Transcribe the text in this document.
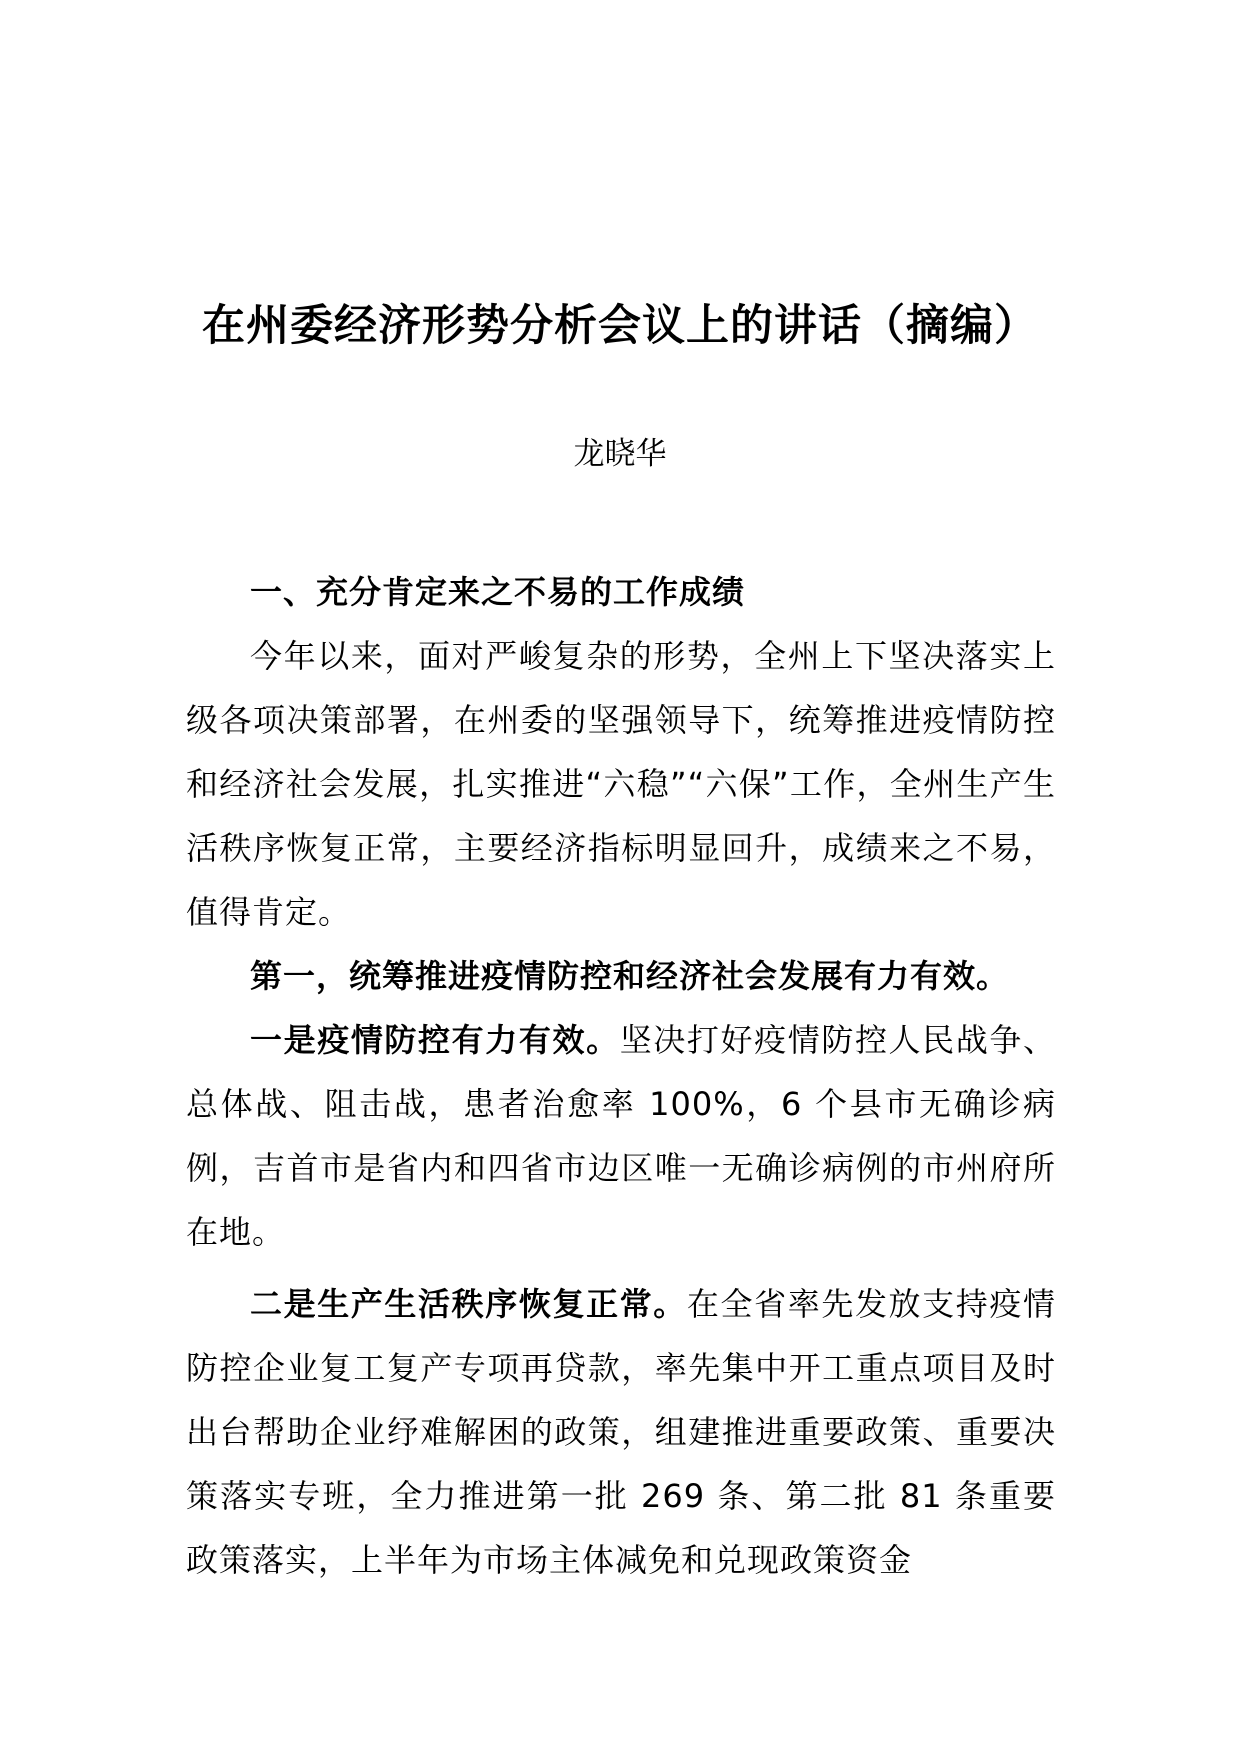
在州委经济形势分析会议上的讲话（摘编）
龙晓华

一、充分肯定来之不易的工作成绩

今年以来，面对严峻复杂的形势，全州上下坚决落实上级各项决策部署，在州委的坚强领导下，统筹推进疫情防控和经济社会发展，扎实推进“六稳”“六保”工作，全州生产生活秩序恢复正常，主要经济指标明显回升，成绩来之不易，值得肯定。

第一，统筹推进疫情防控和经济社会发展有力有效。

一是疫情防控有力有效。坚决打好疫情防控人民战争、总体战、阻击战，患者治愈率 100%，6 个县市无确诊病例，吉首市是省内和四省市边区唯一无确诊病例的市州府所在地。

二是生产生活秩序恢复正常。在全省率先发放支持疫情防控企业复工复产专项再贷款，率先集中开工重点项目及时出台帮助企业纾难解困的政策，组建推进重要政策、重要决策落实专班，全力推进第一批 269 条、第二批 81 条重要政策落实，上半年为市场主体减免和兑现政策资金
